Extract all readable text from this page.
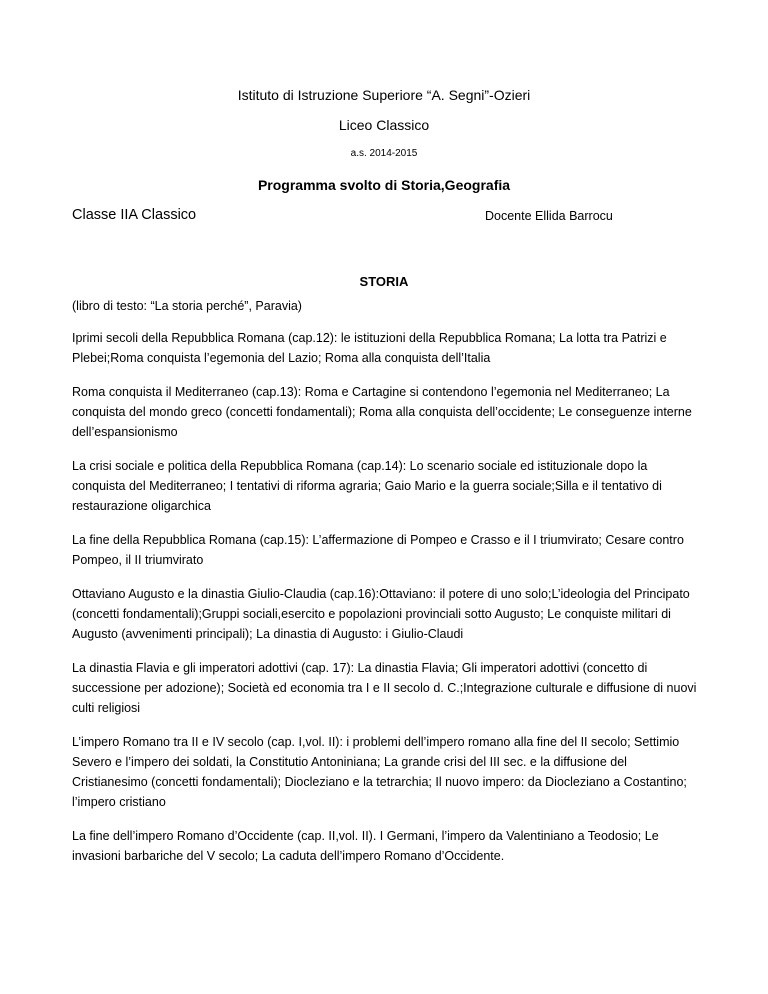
Istituto di Istruzione Superiore “A. Segni”-Ozieri
Liceo Classico
a.s. 2014-2015
Programma svolto di Storia,Geografia
Classe IIA Classico	Docente Ellida Barrocu
STORIA

(libro di testo: “La storia perché”, Paravia)

Iprimi secoli della Repubblica Romana (cap.12): le istituzioni della Repubblica Romana; La lotta tra Patrizi e Plebei;Roma conquista l’egemonia del Lazio; Roma alla conquista dell’Italia

Roma conquista il Mediterraneo (cap.13): Roma e Cartagine si contendono l’egemonia nel Mediterraneo; La conquista del mondo greco (concetti fondamentali); Roma alla conquista dell’occidente; Le conseguenze interne dell’espansionismo

La crisi sociale e politica della Repubblica Romana (cap.14): Lo scenario sociale ed istituzionale dopo la conquista del Mediterraneo; I tentativi di riforma agraria; Gaio Mario e la guerra sociale;Silla e il tentativo di restaurazione oligarchica

La fine della Repubblica Romana (cap.15): L’affermazione di Pompeo e Crasso e il I triumvirato; Cesare contro Pompeo, il II triumvirato

Ottaviano Augusto e la dinastia Giulio-Claudia (cap.16):Ottaviano: il potere di uno solo;L’ideologia del Principato (concetti fondamentali);Gruppi sociali,esercito e popolazioni provinciali sotto Augusto; Le conquiste militari di Augusto (avvenimenti principali); La dinastia di Augusto: i Giulio-Claudi

La dinastia Flavia e gli imperatori adottivi (cap. 17): La dinastia Flavia; Gli imperatori adottivi (concetto di successione per adozione); Società ed economia tra I e II secolo d. C.;Integrazione culturale e diffusione di nuovi culti religiosi

L’impero Romano tra II e IV secolo (cap. I,vol. II): i problemi dell’impero romano alla fine del II secolo; Settimio Severo e l’impero dei soldati, la Constitutio Antoniniana; La grande crisi del III sec. e la diffusione del Cristianesimo (concetti fondamentali); Diocleziano e la tetrarchia; Il nuovo impero: da Diocleziano a Costantino; l’impero cristiano

La fine dell’impero Romano d’Occidente (cap. II,vol. II). I Germani, l’impero da Valentiniano a Teodosio; Le invasioni barbariche del V secolo; La caduta dell’impero Romano d’Occidente.
